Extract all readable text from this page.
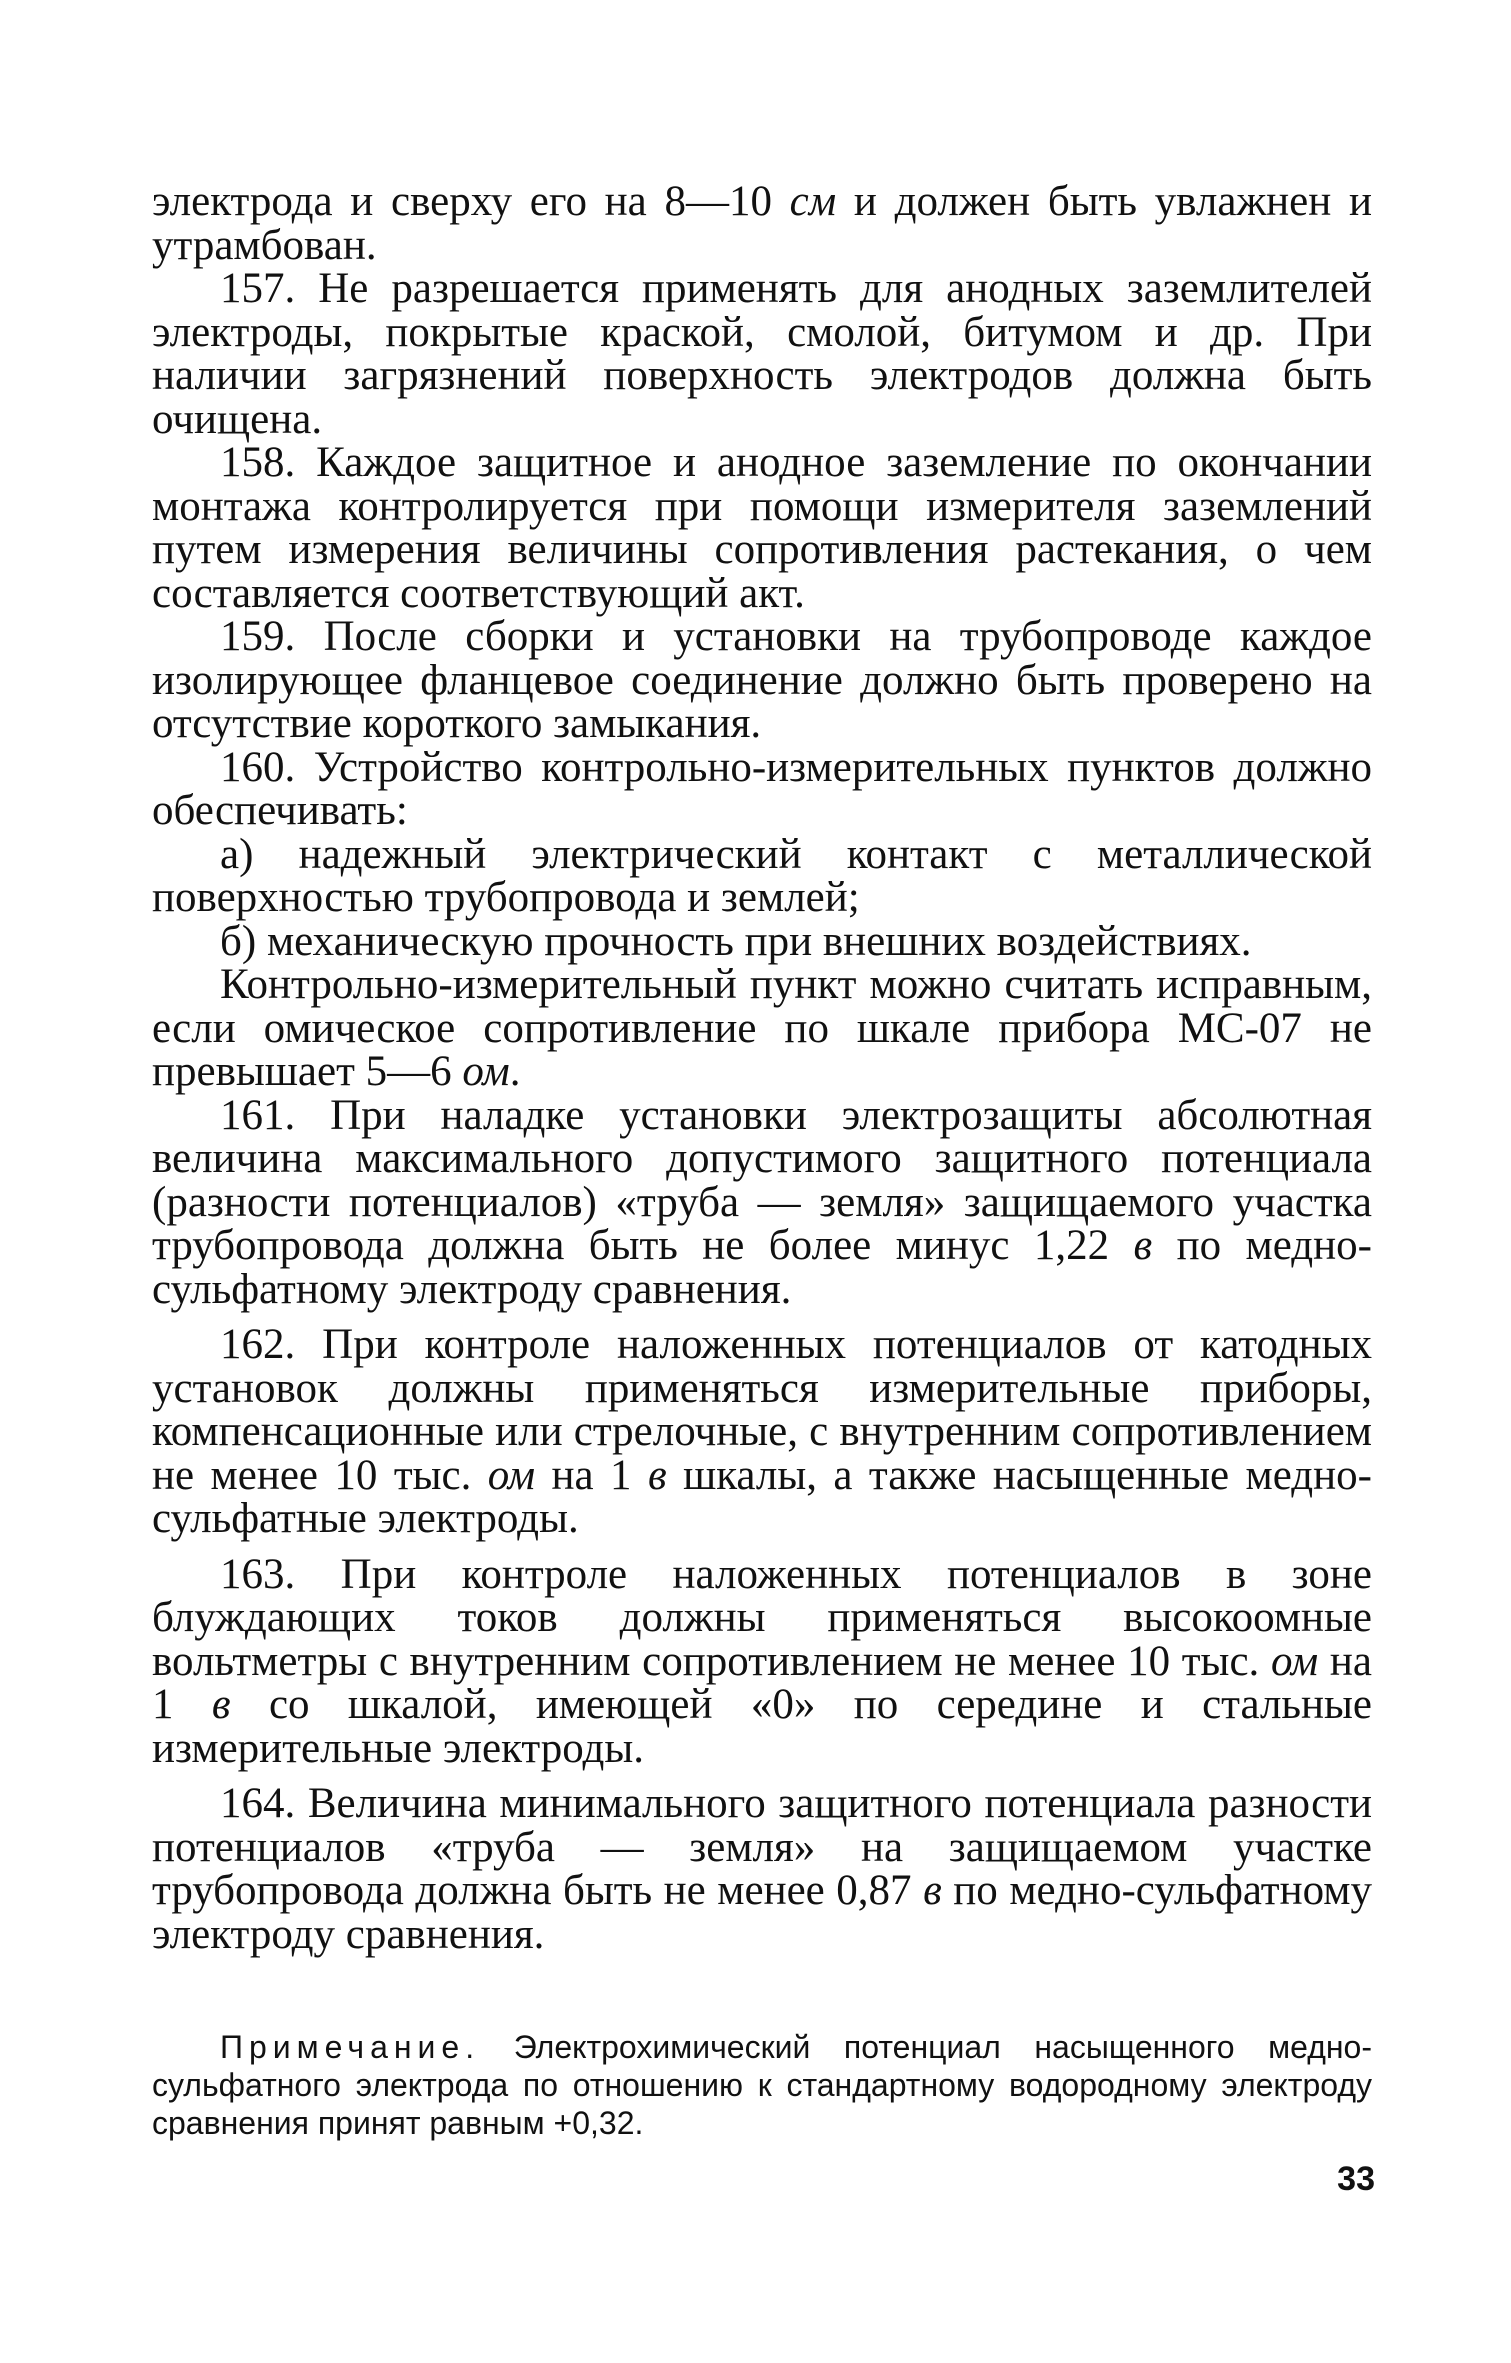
электрода и сверху его на 8—10 см и должен быть увлажнен и утрамбован.

157. Не разрешается применять для анодных заземлителей электроды, покрытые краской, смолой, битумом и др. При наличии загрязнений поверхность электродов должна быть очищена.

158. Каждое защитное и анодное заземление по окончании монтажа контролируется при помощи измерителя заземлений путем измерения величины сопротивления растекания, о чем составляется соответствующий акт.

159. После сборки и установки на трубопроводе каждое изолирующее фланцевое соединение должно быть проверено на отсутствие короткого замыкания.

160. Устройство контрольно-измерительных пунктов должно обеспечивать:

а) надежный электрический контакт с металлической поверхностью трубопровода и землей;

б) механическую прочность при внешних воздействиях.

Контрольно-измерительный пункт можно считать исправным, если омическое сопротивление по шкале прибора МС-07 не превышает 5—6 ом.

161. При наладке установки электрозащиты абсолютная величина максимального допустимого защитного потенциала (разности потенциалов) «труба — земля» защищаемого участка трубопровода должна быть не более минус 1,22 в по медно-сульфатному электроду сравнения.

162. При контроле наложенных потенциалов от катодных установок должны применяться измерительные приборы, компенсационные или стрелочные, с внутренним сопротивлением не менее 10 тыс. ом на 1 в шкалы, а также насыщенные медно-сульфатные электроды.

163. При контроле наложенных потенциалов в зоне блуждающих токов должны применяться высокоомные вольтметры с внутренним сопротивлением не менее 10 тыс. ом на 1 в со шкалой, имеющей «0» по середине и стальные измерительные электроды.

164. Величина минимального защитного потенциала разности потенциалов «труба — земля» на защищаемом участке трубопровода должна быть не менее 0,87 в по медно-сульфатному электроду сравнения.

Примечание. Электрохимический потенциал насыщенного медно-сульфатного электрода по отношению к стандартному водородному электроду сравнения принят равным +0,32.
33
